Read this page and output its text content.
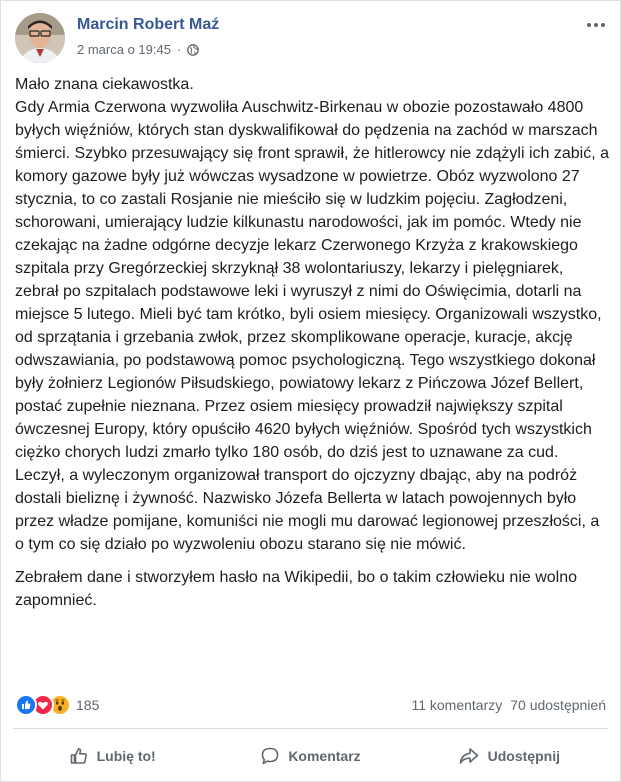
Marcin Robert Maź
2 marca o 19:45 ·

Mało znana ciekawostka.
Gdy Armia Czerwona wyzwoliła Auschwitz-Birkenau w obozie pozostawało 4800 byłych więźniów, których stan dyskwalifikował do pędzenia na zachód w marszach śmierci. Szybko przesuwający się front sprawił, że hitlerowcy nie zdążyli ich zabić, a komory gazowe były już wówczas wysadzone w powietrze. Obóz wyzwolono 27 stycznia, to co zastali Rosjanie nie mieściło się w ludzkim pojęciu. Zagłodzeni, schorowani, umierający ludzie kilkunastu narodowości, jak im pomóc. Wtedy nie czekając na żadne odgórne decyzje lekarz Czerwonego Krzyża z krakowskiego szpitala przy Gregórzeckiej skrzyknął 38 wolontariuszy, lekarzy i pielęgniarek, zebrał po szpitalach podstawowe leki i wyruszył z nimi do Oświęcimia, dotarli na miejsce 5 lutego. Mieli być tam krótko, byli osiem miesięcy. Organizowali wszystko, od sprzątania i grzebania zwłok, przez skomplikowane operacje, kuracje, akcję odwszawiania, po podstawową pomoc psychologiczną. Tego wszystkiego dokonał były żołnierz Legionów Piłsudskiego, powiatowy lekarz z Pińczowa Józef Bellert, postać zupełnie nieznana. Przez osiem miesięcy prowadził największy szpital ówczesnej Europy, który opuściło 4620 byłych więźniów. Spośród tych wszystkich ciężko chorych ludzi zmarło tylko 180 osób, do dziś jest to uznawane za cud. Leczył, a wyleczonym organizował transport do ojczyzny dbając, aby na podróż dostali bieliznę i żywność. Nazwisko Józefa Bellerta w latach powojennych było przez władze pomijane, komuniści nie mogli mu darować legionowej przeszłości, a o tym co się działo po wyzwoleniu obozu starano się nie mówić.

Zebrałem dane i stworzyłem hasło na Wikipedii, bo o takim człowieku nie wolno zapomnieć.

185	11 komentarzy 70 udostępnień
Lubię to!	Komentarz	Udostępnij
